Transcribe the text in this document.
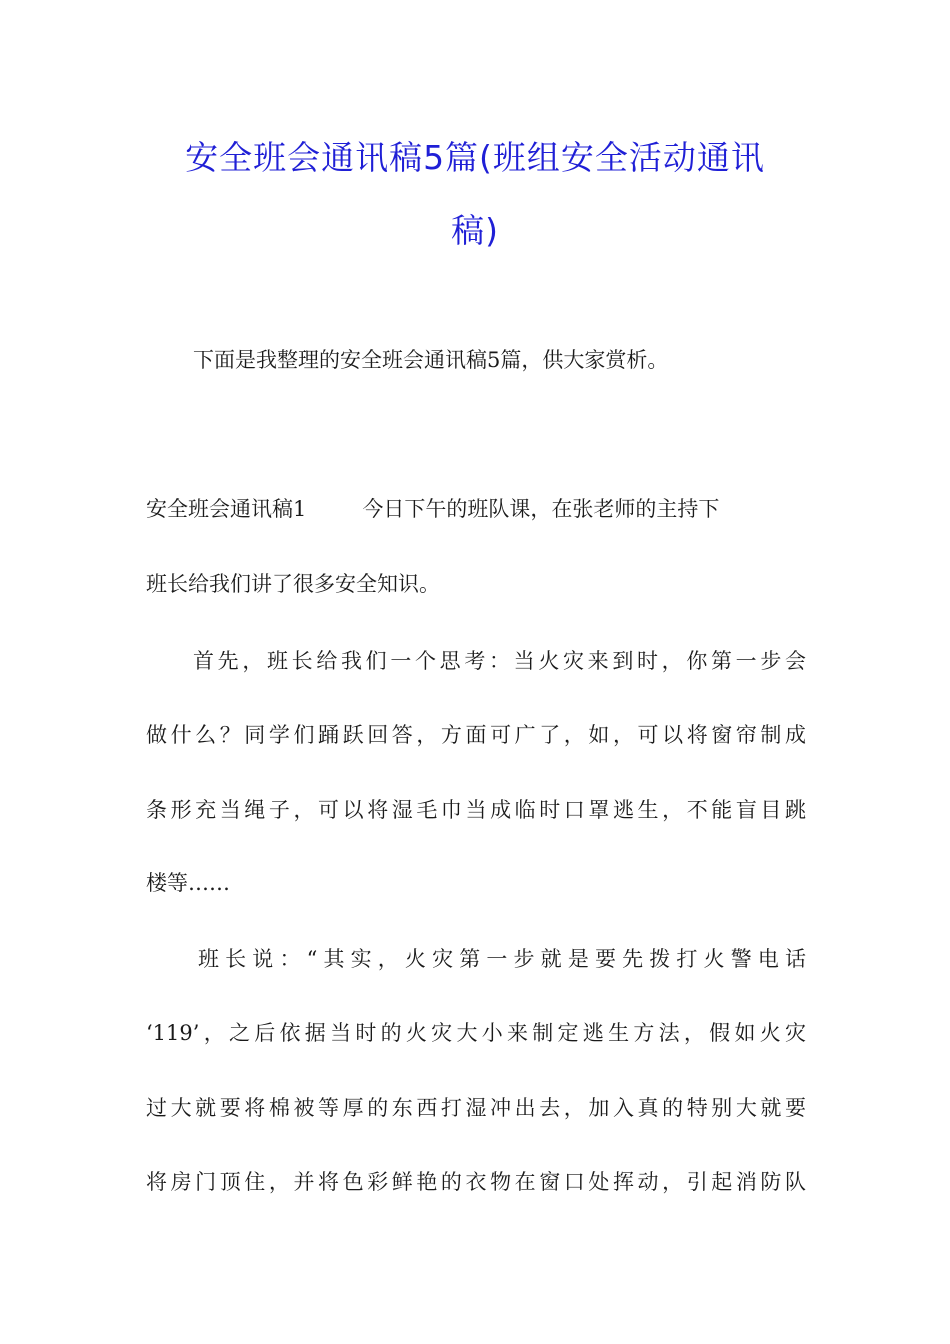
安全班会通讯稿5篇(班组安全活动通讯
稿)
下面是我整理的安全班会通讯稿5篇，供大家赏析。
安全班会通讯稿1	今日下午的班队课，在张老师的主持下
班长给我们讲了很多安全知识。
首先，班长给我们一个思考：当火灾来到时，你第一步会
做什么？同学们踊跃回答，方面可广了，如，可以将窗帘制成
条形充当绳子，可以将湿毛巾当成临时口罩逃生，不能盲目跳
楼等……
班长说：“其实，火灾第一步就是要先拨打火警电话
‘119’，之后依据当时的火灾大小来制定逃生方法，假如火灾
过大就要将棉被等厚的东西打湿冲出去，加入真的特别大就要
将房门顶住，并将色彩鲜艳的衣物在窗口处挥动，引起消防队
